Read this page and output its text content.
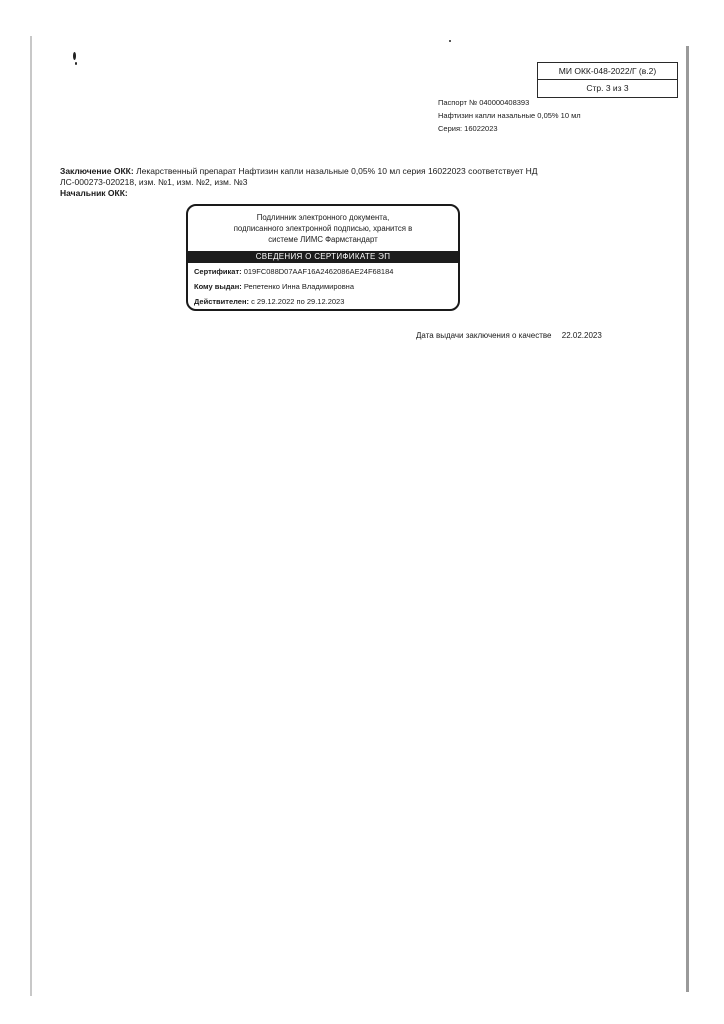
МИ ОКК-048-2022/Г (в.2)
Стр. 3 из 3
Паспорт № 040000408393
Нафтизин капли назальные 0,05% 10 мл
Серия: 16022023

Заключение ОКК: Лекарственный препарат Нафтизин капли назальные 0,05% 10 мл серия 16022023 соответствует НД

ЛС-000273-020218, изм. №1, изм. №2, изм. №3

Начальник ОКК:

Подлинник электронного документа,
подписанного электронной подписью, хранится в
системе ЛИМС Фармстандарт
СВЕДЕНИЯ О СЕРТИФИКАТЕ ЭП
Сертификат: 019FC088D07AAF16A2462086AE24F68184
Кому выдан: Репетенко Инна Владимировна
Действителен: с 29.12.2022 по 29.12.2023
Дата выдачи заключения о качестве 22.02.2023
